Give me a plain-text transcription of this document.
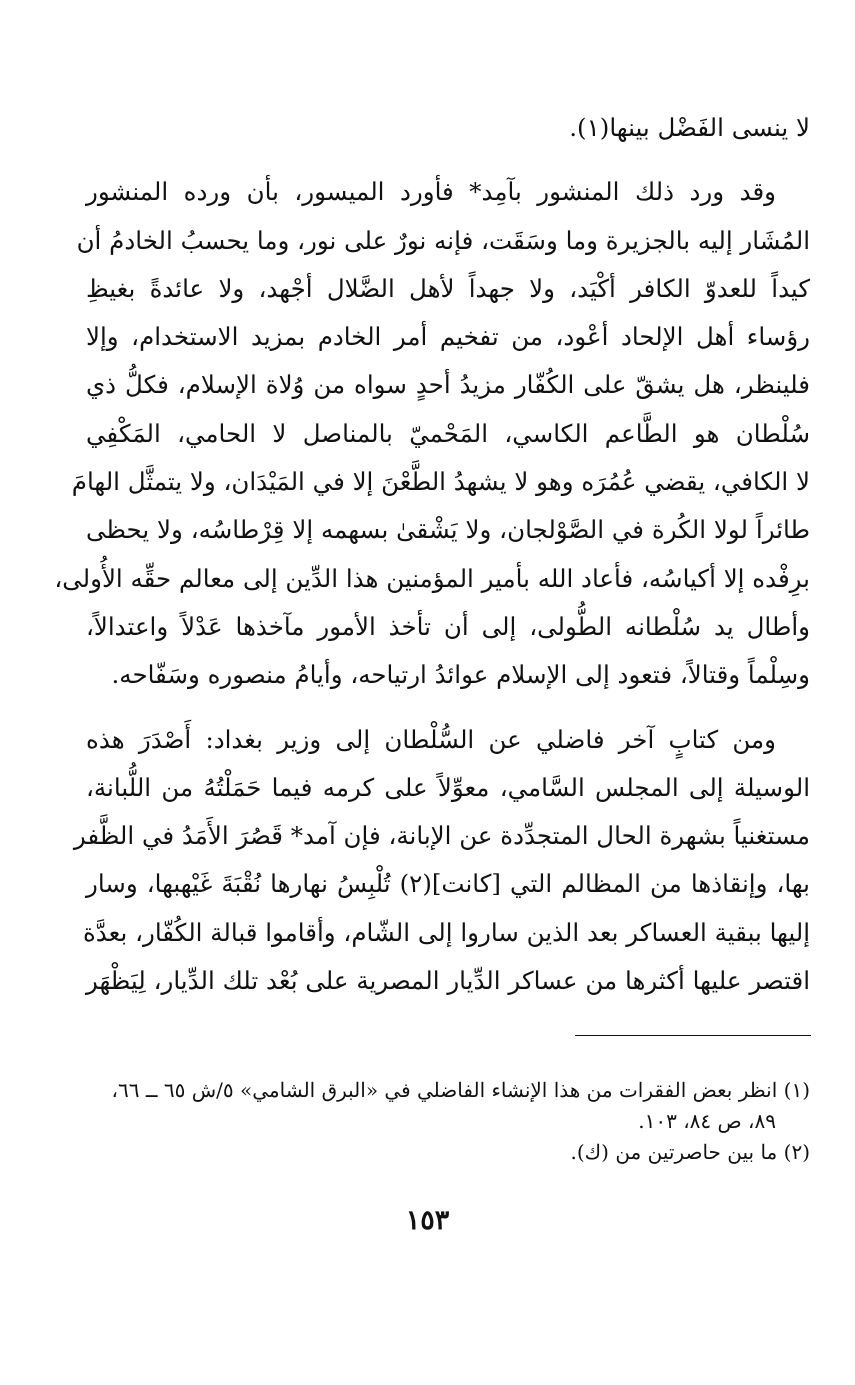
لا ينسى الفَضْل بينها(١).

وقد ورد ذلك المنشور بآمِد* فأورد الميسور، بأن ورده المنشور
المُشَار إليه بالجزيرة وما وسَقَت، فإنه نورٌ على نور، وما يحسبُ الخادمُ أن
كيداً للعدوّ الكافر أكْيَد، ولا جهداً لأهل الضَّلال أجْهد، ولا عائدةً بغيظِ
رؤساء أهل الإلحاد أعْود، من تفخيم أمر الخادم بمزيد الاستخدام، وإلا
فلينظر، هل يشقّ على الكُفّار مزيدُ أحدٍ سواه من وُلاة الإسلام، فكلُّ ذي
سُلْطان هو الطَّاعم الكاسي، المَحْميّ بالمناصل لا الحامي، المَكْفِي
لا الكافي، يقضي عُمُرَه وهو لا يشهدُ الطَّعْنَ إلا في المَيْدَان، ولا يتمثَّل الهامَ
طائراً لولا الكُرة في الصَّوْلجان، ولا يَشْقىٰ بسهمه إلا قِرْطاسُه، ولا يحظى
برِفْده إلا أكياسُه، فأعاد الله بأمير المؤمنين هذا الدِّين إلى معالم حقِّه الأُولى،
وأطال يد سُلْطانه الطُّولى، إلى أن تأخذ الأمور مآخذها عَدْلاً واعتدالاً،
وسِلْماً وقتالاً، فتعود إلى الإسلام عوائدُ ارتياحه، وأيامُ منصوره وسَفّاحه.

ومن كتابٍ آخر فاضلي عن السُّلْطان إلى وزير بغداد: أَصْدَرَ هذه
الوسيلة إلى المجلس السَّامي، معوِّلاً على كرمه فيما حَمَلْتُهُ من اللُّبانة،
مستغنياً بشهرة الحال المتجدِّدة عن الإبانة، فإن آمد* قَصُرَ الأَمَدُ في الظَّفر
بها، وإنقاذها من المظالم التي [كانت](٢) تُلْبِسُ نهارها نُقْبَةَ غَيْهبها، وسار
إليها ببقية العساكر بعد الذين ساروا إلى الشّام، وأقاموا قبالة الكُفّار، بعدَّة
اقتصر عليها أكثرها من عساكر الدِّيار المصرية على بُعْد تلك الدِّيار، لِيَظْهَر

(١) انظر بعض الفقرات من هذا الإنشاء الفاضلي في «البرق الشامي» ٥/ش ٦٥ ــ ٦٦،
٨٩، ص ٨٤، ١٠٣.
(٢) ما بين حاصرتين من (ك).
١٥٣
